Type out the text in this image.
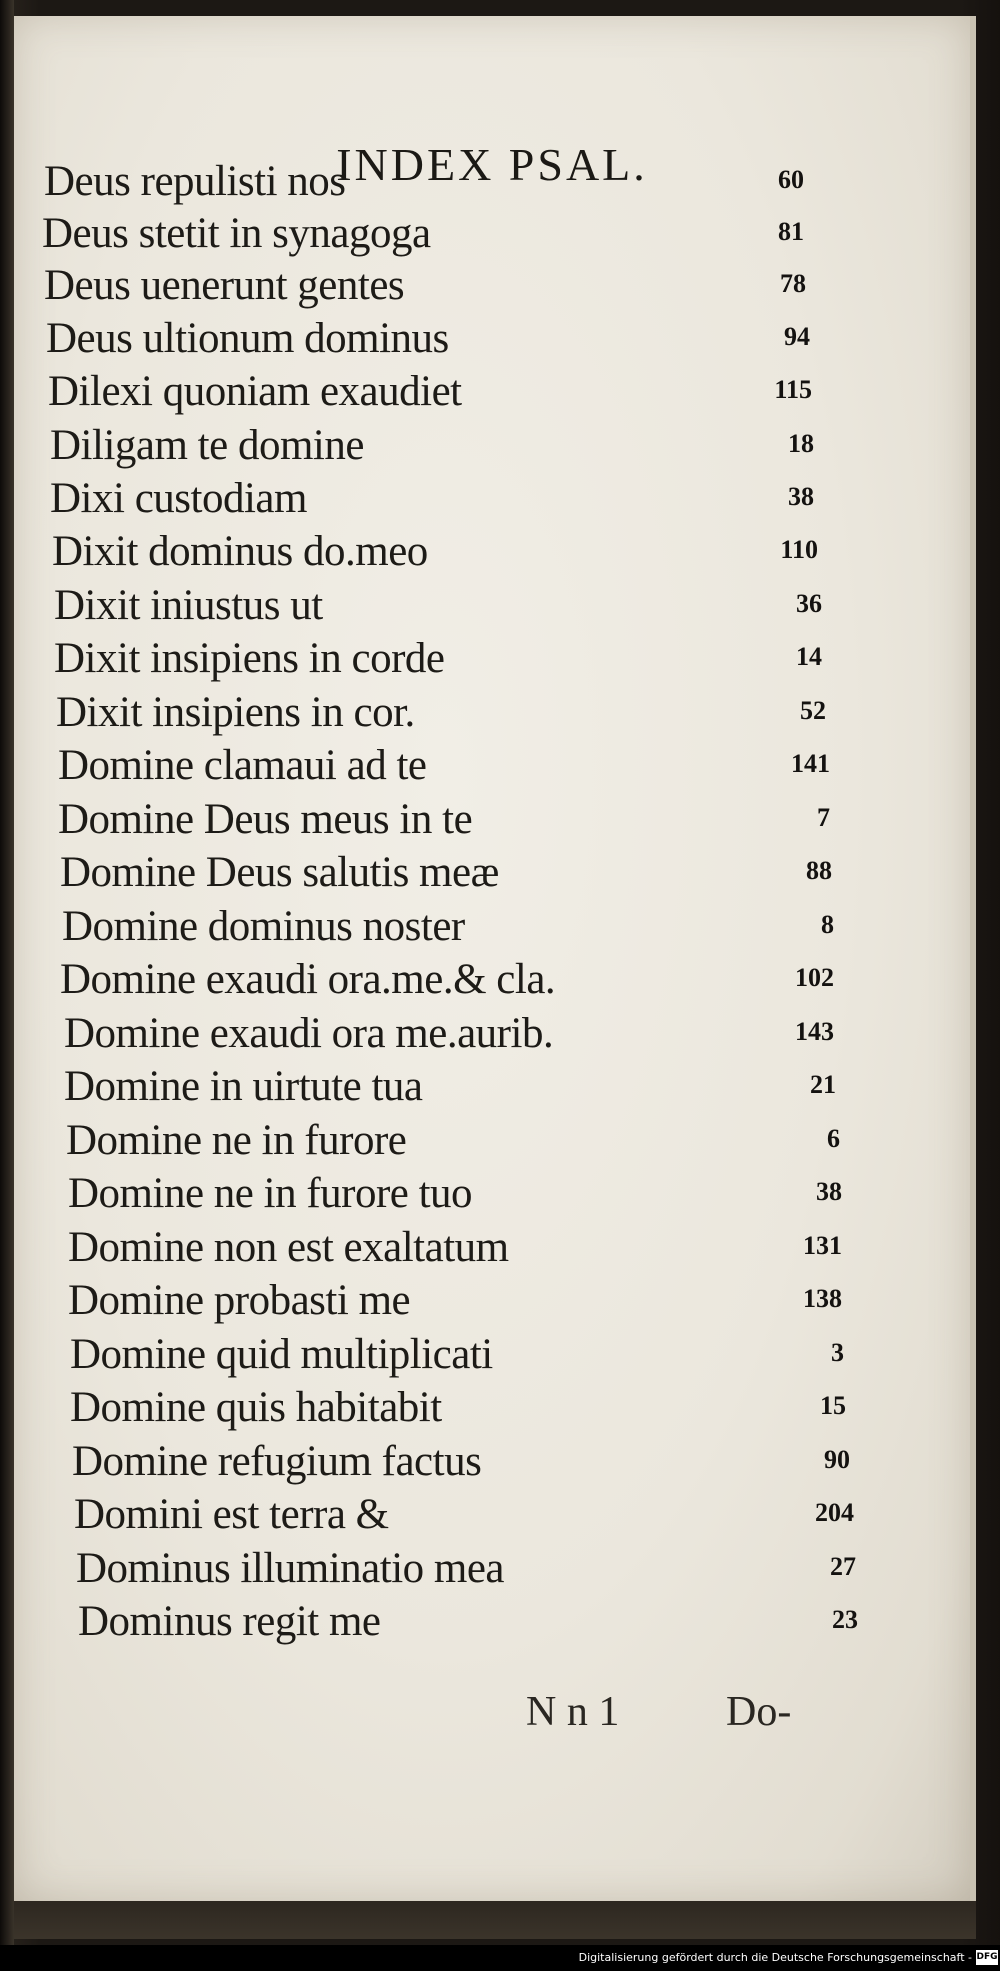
INDEX PSAL.
Deus repulisti nos	60
Deus stetit in synagoga	81
Deus uenerunt gentes	78
Deus ultionum dominus	94
Dilexi quoniam exaudiet	115
Diligam te domine	18
Dixi custodiam	38
Dixit dominus do.meo	110
Dixit iniustus ut	36
Dixit insipiens in corde	14
Dixit insipiens in cor.	52
Domine clamaui ad te	141
Domine Deus meus in te	7
Domine Deus salutis meæ	88
Domine dominus noster	8
Domine exaudi ora.me.& cla.	102
Domine exaudi ora me.aurib.	143
Domine in uirtute tua	21
Domine ne in furore	6
Domine ne in furore tuo	38
Domine non est exaltatum	131
Domine probasti me	138
Domine quid multiplicati	3
Domine quis habitabit	15
Domine refugium factus	90
Domini est terra &	204
Dominus illuminatio mea	27
Dominus regit me	23
N n 1	Do-
Digitalisierung gefördert durch die Deutsche Forschungsgemeinschaft - DFG
